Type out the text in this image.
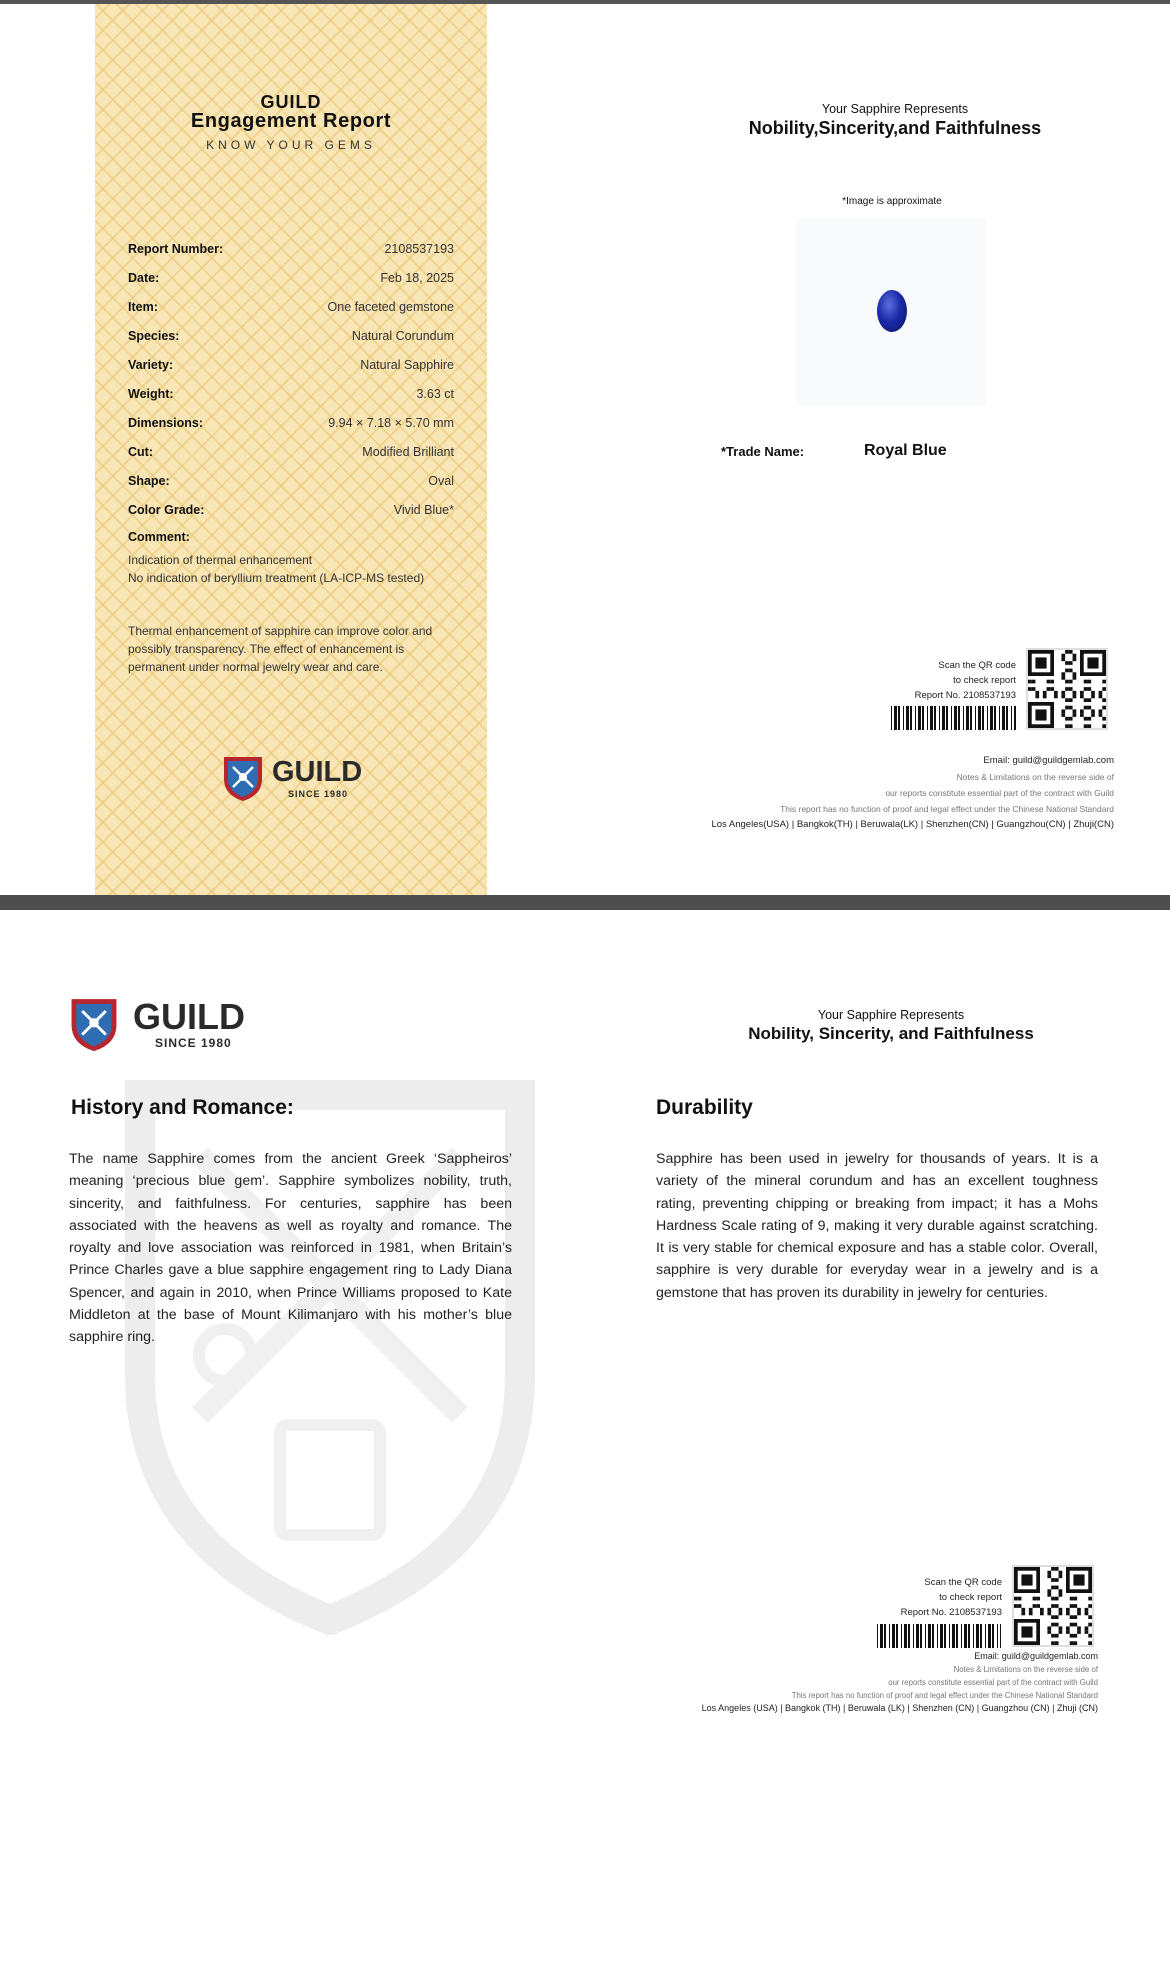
GUILD
Engagement Report
KNOW YOUR GEMS
Report Number:	2108537193
Date:	Feb 18, 2025
Item:	One faceted gemstone
Species:	Natural Corundum
Variety:	Natural Sapphire
Weight:	3.63 ct
Dimensions:	9.94 × 7.18 × 5.70 mm
Cut:	Modified Brilliant
Shape:	Oval
Color Grade:	Vivid Blue*
Comment:
Indication of thermal enhancement
No indication of beryllium treatment (LA-ICP-MS tested)
Thermal enhancement of sapphire can improve color and possibly transparency. The effect of enhancement is permanent under normal jewelry wear and care.
GUILD
SINCE 1980
Your Sapphire Represents
Nobility,Sincerity,and Faithfulness
*Image is approximate
*Trade Name:	Royal Blue
Scan the QR code
to check report
Report No. 2108537193
Email: guild@guildgemlab.com
Notes & Limitations on the reverse side of
our reports constitute essential part of the contract with Guild
This report has no function of proof and legal effect under the Chinese National Standard
Los Angeles(USA) | Bangkok(TH) | Beruwala(LK) | Shenzhen(CN) | Guangzhou(CN) | Zhuji(CN)
GUILD
SINCE 1980
Your Sapphire Represents
Nobility, Sincerity, and Faithfulness
History and Romance:
The name Sapphire comes from the ancient Greek ‘Sappheiros’ meaning ‘precious blue gem’. Sapphire symbolizes nobility, truth, sincerity, and faithfulness. For centuries, sapphire has been associated with the heavens as well as royalty and romance. The royalty and love association was reinforced in 1981, when Britain’s Prince Charles gave a blue sapphire engagement ring to Lady Diana Spencer, and again in 2010, when Prince Williams proposed to Kate Middleton at the base of Mount Kilimanjaro with his mother’s blue sapphire ring.
Durability
Sapphire has been used in jewelry for thousands of years. It is a variety of the mineral corundum and has an excellent toughness rating, preventing chipping or breaking from impact; it has a Mohs Hardness Scale rating of 9, making it very durable against scratching. It is very stable for chemical exposure and has a stable color. Overall, sapphire is very durable for everyday wear in a jewelry and is a gemstone that has proven its durability in jewelry for centuries.
Scan the QR code
to check report
Report No. 2108537193
Email: guild@guildgemlab.com
Notes & Limitations on the reverse side of
our reports constitute essential part of the contract with Guild
This report has no function of proof and legal effect under the Chinese National Standard
Los Angeles (USA) | Bangkok (TH) | Beruwala (LK) | Shenzhen (CN) | Guangzhou (CN) | Zhuji (CN)
